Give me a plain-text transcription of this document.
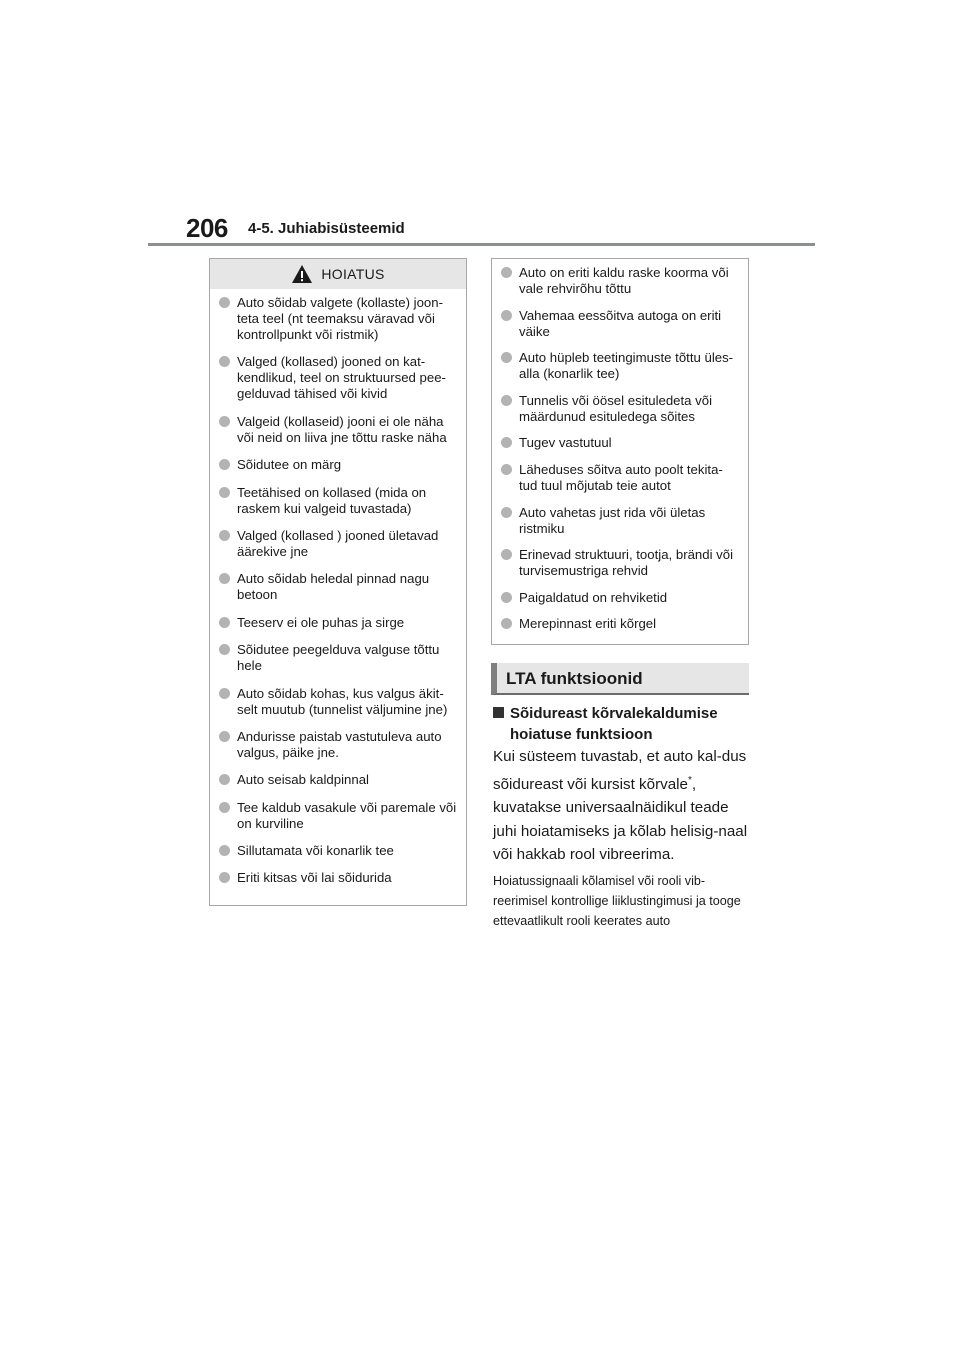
206 4-5. Juhiabisüsteemid
HOIATUS
Auto sõidab valgete (kollaste) joon-teta teel (nt teemaksu väravad või kontrollpunkt või ristmik)
Valged (kollased) jooned on kat-kendlikud, teel on struktuursed pee-gelduvad tähised või kivid
Valgeid (kollaseid) jooni ei ole näha või neid on liiva jne tõttu raske näha
Sõidutee on märg
Teetähised on kollased (mida on raskem kui valgeid tuvastada)
Valged (kollased ) jooned ületavad äärekive jne
Auto sõidab heledal pinnad nagu betoon
Teeserv ei ole puhas ja sirge
Sõidutee peegelduva valguse tõttu hele
Auto sõidab kohas, kus valgus äkit-selt muutub (tunnelist väljumine jne)
Andurisse paistab vastutuleva auto valgus, päike jne.
Auto seisab kaldpinnal
Tee kaldub vasakule või paremale või on kurviline
Sillutamata või konarlik tee
Eriti kitsas või lai sõidurida
Auto on eriti kaldu raske koorma või vale rehvirõhu tõttu
Vahemaa eessõitva autoga on eriti väike
Auto hüpleb teetingimuste tõttu üles-alla (konarlik tee)
Tunnelis või öösel esituledeta või määrdunud esituledega sõites
Tugev vastutuul
Läheduses sõitva auto poolt tekita-tud tuul mõjutab teie autot
Auto vahetas just rida või ületas ristmiku
Erinevad struktuuri, tootja, brändi või turvisemustriga rehvid
Paigaldatud on rehviketid
Merepinnast eriti kõrgel
LTA funktsioonid
Sõidureast kõrvalekaldumise hoiatuse funktsioon
Kui süsteem tuvastab, et auto kal-dus sõidureast või kursist kõrvale*, kuvatakse universaalnäidikul teade juhi hoiatamiseks ja kõlab helisig-naal või hakkab rool vibreerima.
Hoiatussignaali kõlamisel või rooli vib-reerimisel kontrollige liiklustingimusi ja tooge ettevaatlikult rooli keerates auto
